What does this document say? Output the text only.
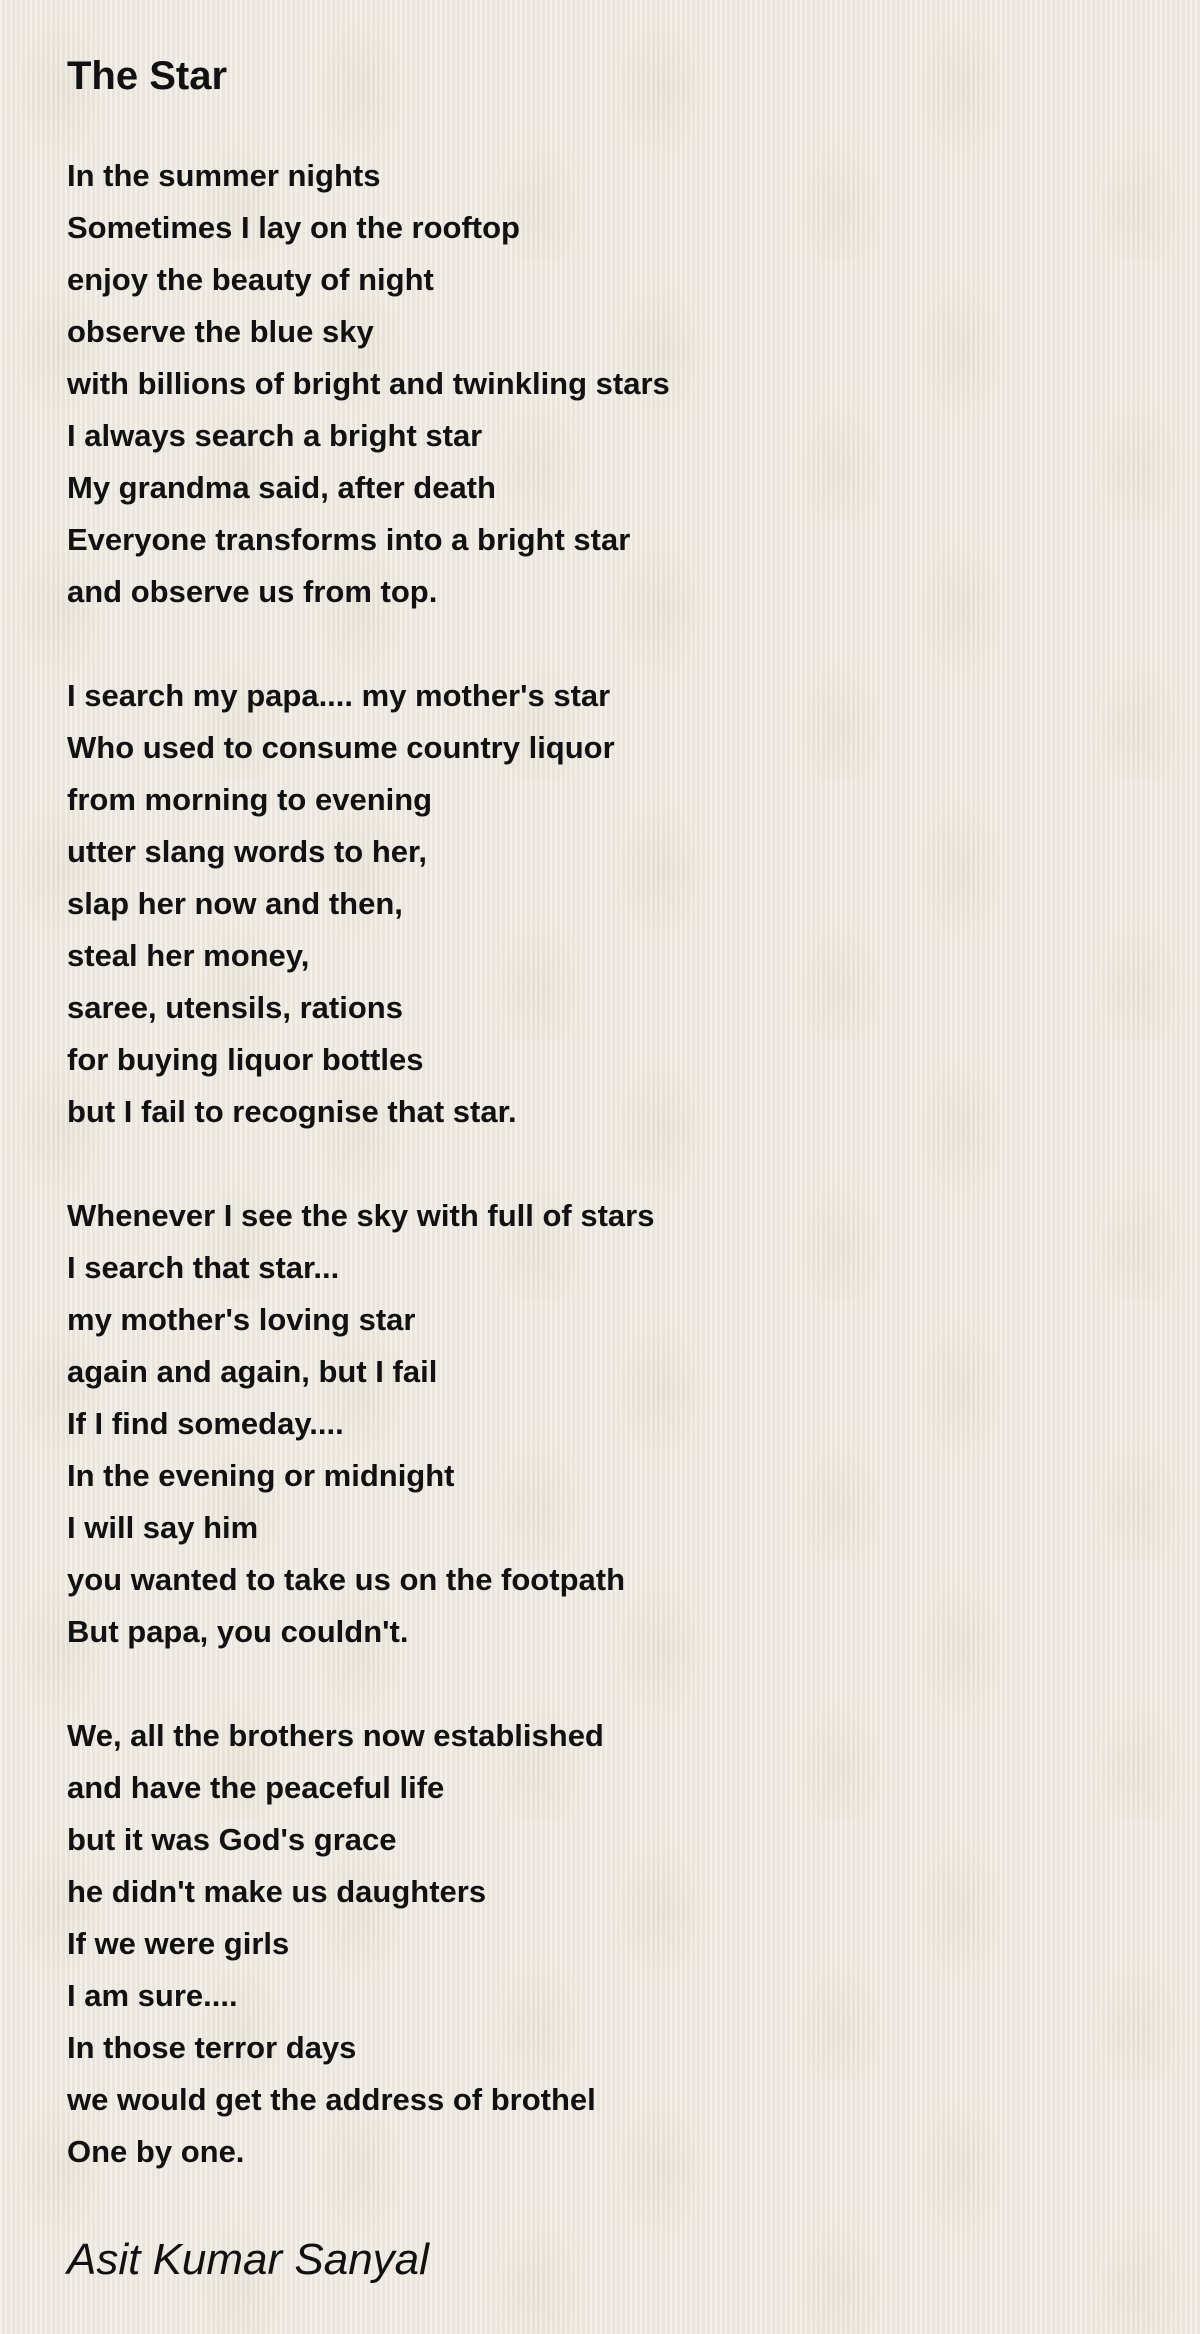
The Star
In the summer nights
Sometimes I lay on the rooftop
enjoy the beauty of night
observe the blue sky
with billions of bright and twinkling stars
I always search a bright star
My grandma said, after death
Everyone transforms into a bright star
and observe us from top.
I search my papa.... my mother's star
Who used to consume country liquor
from morning to evening
utter slang words to her,
slap her now and then,
steal her money,
saree, utensils, rations
for buying liquor bottles
but I fail to recognise that star.
Whenever I see the sky with full of stars
I search that star...
my mother's loving star
again and again, but I fail
If I find someday....
In the evening or midnight
I will say him
you wanted to take us on the footpath
But papa, you couldn't.
We, all the brothers now established
and have the peaceful life
but it was God's grace
he didn't make us daughters
If we were girls
I am sure....
In those terror days
we would get the address of brothel
One by one.
Asit Kumar Sanyal
